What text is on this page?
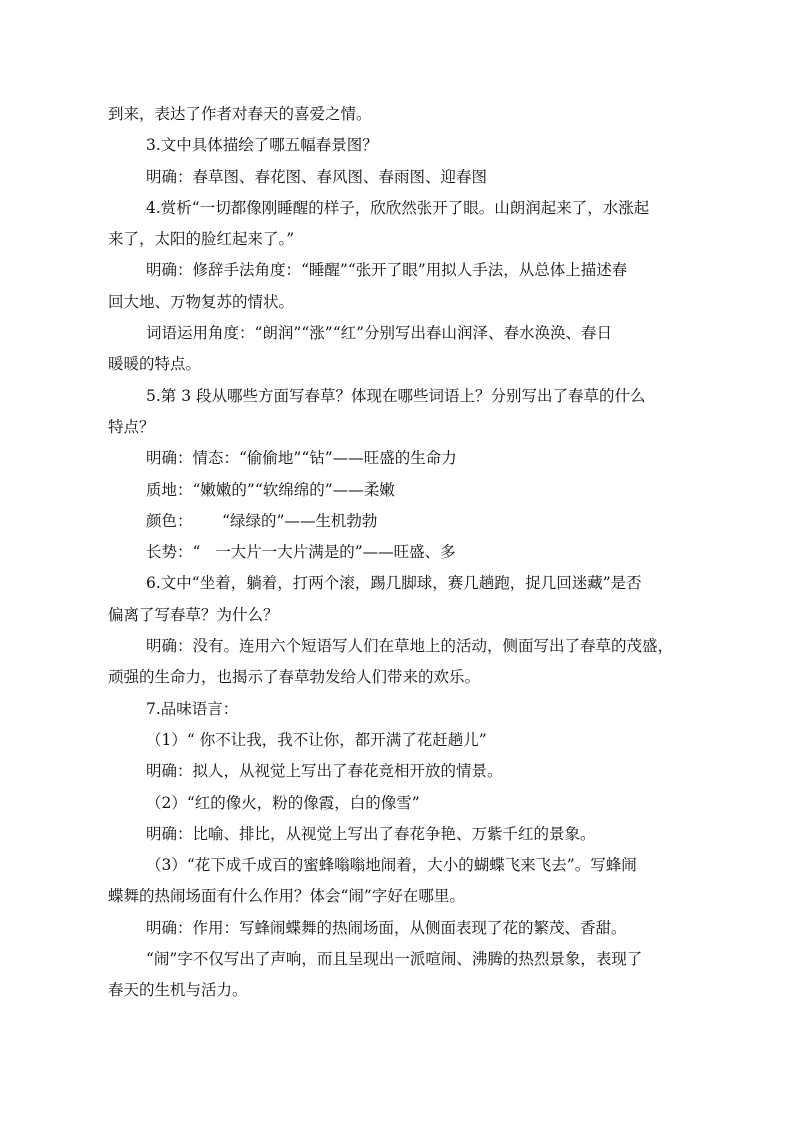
到来，表达了作者对春天的喜爱之情。
3.文中具体描绘了哪五幅春景图？
明确：春草图、春花图、春风图、春雨图、迎春图
4.赏析“一切都像刚睡醒的样子，欣欣然张开了眼。山朗润起来了，水涨起
来了，太阳的脸红起来了。”
明确：修辞手法角度：“睡醒”“张开了眼”用拟人手法，从总体上描述春
回大地、万物复苏的情状。
词语运用角度：“朗润”“涨”“红”分别写出春山润泽、春水涣涣、春日
暖暖的特点。
5.第 3 段从哪些方面写春草？体现在哪些词语上？分别写出了春草的什么
特点？
明确：情态：“偷偷地”“钻”——旺盛的生命力
质地：“嫩嫩的”“软绵绵的”——柔嫩
颜色：      “绿绿的”——生机勃勃
长势：“   一大片一大片满是的”——旺盛、多
6.文中“坐着，躺着，打两个滚，踢几脚球，赛几趟跑，捉几回迷藏”是否
偏离了写春草？为什么？
明确：没有。连用六个短语写人们在草地上的活动，侧面写出了春草的茂盛，
顽强的生命力，也揭示了春草勃发给人们带来的欢乐。
7.品味语言：
（1）“ 你不让我，我不让你，都开满了花赶趟儿”
明确：拟人，从视觉上写出了春花竞相开放的情景。
（2）“红的像火，粉的像霞，白的像雪”
明确：比喻、排比，从视觉上写出了春花争艳、万紫千红的景象。
（3）“花下成千成百的蜜蜂嗡嗡地闹着，大小的蝴蝶飞来飞去”。写蜂闹
蝶舞的热闹场面有什么作用？体会“闹”字好在哪里。
明确：作用：写蜂闹蝶舞的热闹场面，从侧面表现了花的繁茂、香甜。
“闹”字不仅写出了声响，而且呈现出一派喧闹、沸腾的热烈景象，表现了
春天的生机与活力。
